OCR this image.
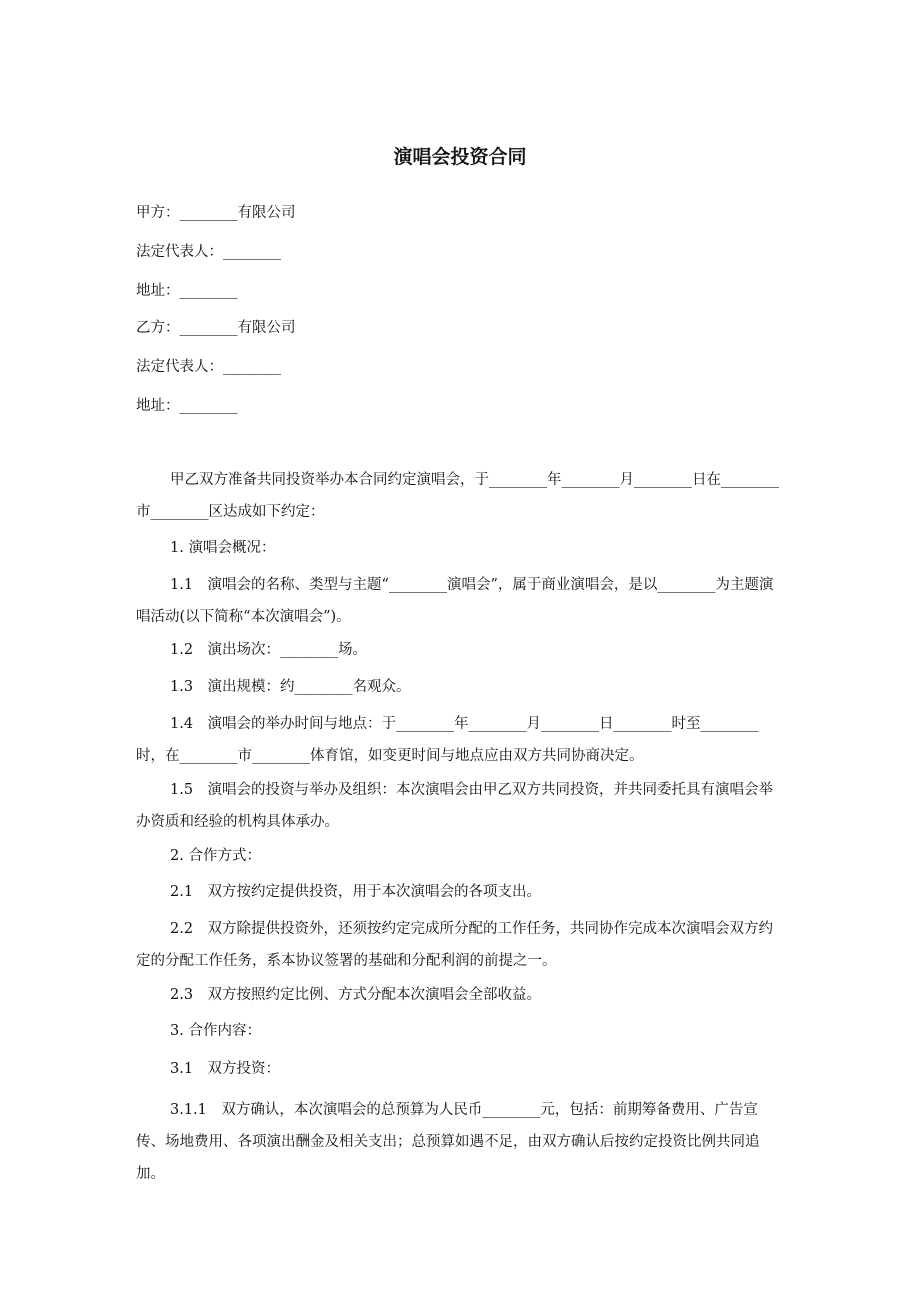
演唱会投资合同
甲方：________有限公司
法定代表人：________
地址：________
乙方：________有限公司
法定代表人：________
地址：________
甲乙双方准备共同投资举办本合同约定演唱会，于________年________月________日在________市________区达成如下约定：
1. 演唱会概况：
1.1　演唱会的名称、类型与主题“________演唱会”，属于商业演唱会，是以________为主题演唱活动(以下简称“本次演唱会”)。
1.2　演出场次：________场。
1.3　演出规模：约________名观众。
1.4　演唱会的举办时间与地点：于________年________月________日________时至________时，在________市________体育馆，如变更时间与地点应由双方共同协商决定。
1.5　演唱会的投资与举办及组织：本次演唱会由甲乙双方共同投资，并共同委托具有演唱会举办资质和经验的机构具体承办。
2. 合作方式：
2.1　双方按约定提供投资，用于本次演唱会的各项支出。
2.2　双方除提供投资外，还须按约定完成所分配的工作任务，共同协作完成本次演唱会双方约定的分配工作任务，系本协议签署的基础和分配利润的前提之一。
2.3　双方按照约定比例、方式分配本次演唱会全部收益。
3. 合作内容：
3.1　双方投资：
3.1.1　双方确认，本次演唱会的总预算为人民币________元，包括：前期筹备费用、广告宣传、场地费用、各项演出酬金及相关支出；总预算如遇不足，由双方确认后按约定投资比例共同追加。
